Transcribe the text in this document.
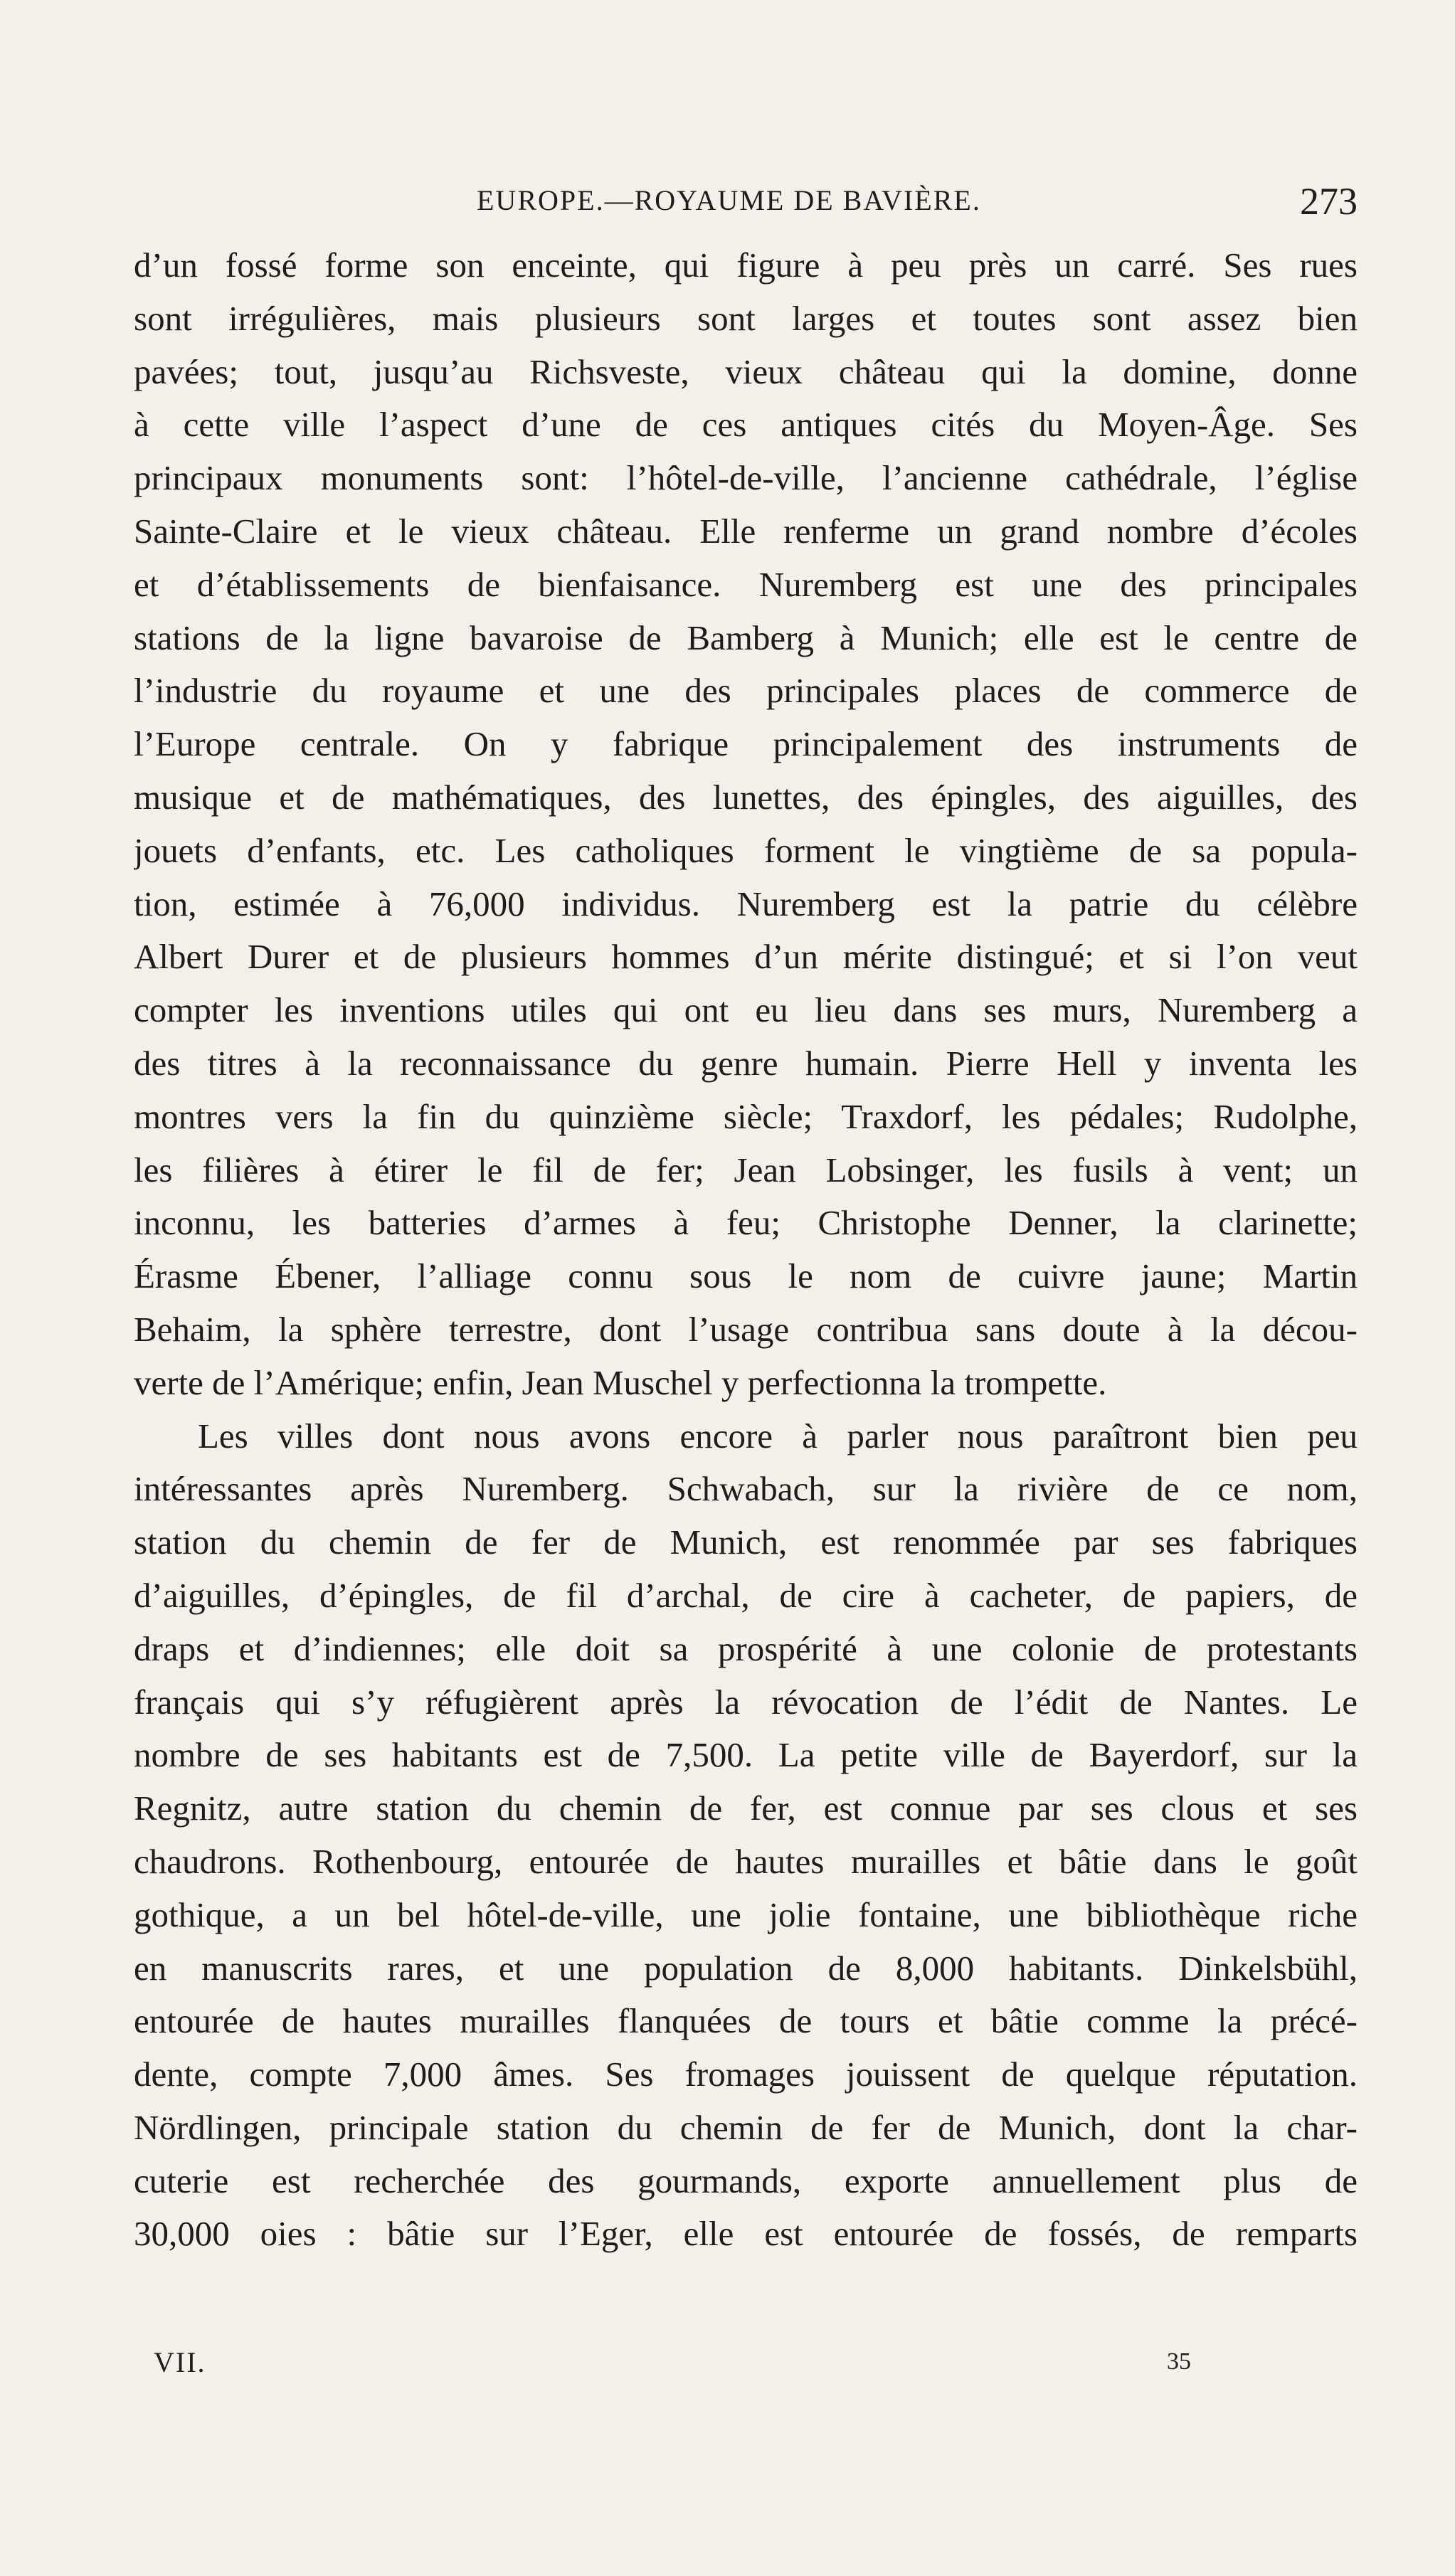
EUROPE.—ROYAUME DE BAVIÈRE.	273
d’un fossé forme son enceinte, qui figure à peu près un carré. Ses rues
sont irrégulières, mais plusieurs sont larges et toutes sont assez bien
pavées; tout, jusqu’au Richsveste, vieux château qui la domine, donne
à cette ville l’aspect d’une de ces antiques cités du Moyen-Âge. Ses
principaux monuments sont: l’hôtel-de-ville, l’ancienne cathédrale, l’église
Sainte-Claire et le vieux château. Elle renferme un grand nombre d’écoles
et d’établissements de bienfaisance. Nuremberg est une des principales
stations de la ligne bavaroise de Bamberg à Munich; elle est le centre de
l’industrie du royaume et une des principales places de commerce de
l’Europe centrale. On y fabrique principalement des instruments de
musique et de mathématiques, des lunettes, des épingles, des aiguilles, des
jouets d’enfants, etc. Les catholiques forment le vingtième de sa popula-
tion, estimée à 76,000 individus. Nuremberg est la patrie du célèbre
Albert Durer et de plusieurs hommes d’un mérite distingué; et si l’on veut
compter les inventions utiles qui ont eu lieu dans ses murs, Nuremberg a
des titres à la reconnaissance du genre humain. Pierre Hell y inventa les
montres vers la fin du quinzième siècle; Traxdorf, les pédales; Rudolphe,
les filières à étirer le fil de fer; Jean Lobsinger, les fusils à vent; un
inconnu, les batteries d’armes à feu; Christophe Denner, la clarinette;
Érasme Ébener, l’alliage connu sous le nom de cuivre jaune; Martin
Behaim, la sphère terrestre, dont l’usage contribua sans doute à la décou-
verte de l’Amérique; enfin, Jean Muschel y perfectionna la trompette.
Les villes dont nous avons encore à parler nous paraîtront bien peu
intéressantes après Nuremberg. Schwabach, sur la rivière de ce nom,
station du chemin de fer de Munich, est renommée par ses fabriques
d’aiguilles, d’épingles, de fil d’archal, de cire à cacheter, de papiers, de
draps et d’indiennes; elle doit sa prospérité à une colonie de protestants
français qui s’y réfugièrent après la révocation de l’édit de Nantes. Le
nombre de ses habitants est de 7,500. La petite ville de Bayerdorf, sur la
Regnitz, autre station du chemin de fer, est connue par ses clous et ses
chaudrons. Rothenbourg, entourée de hautes murailles et bâtie dans le goût
gothique, a un bel hôtel-de-ville, une jolie fontaine, une bibliothèque riche
en manuscrits rares, et une population de 8,000 habitants. Dinkelsbühl,
entourée de hautes murailles flanquées de tours et bâtie comme la précé-
dente, compte 7,000 âmes. Ses fromages jouissent de quelque réputation.
Nördlingen, principale station du chemin de fer de Munich, dont la char-
cuterie est recherchée des gourmands, exporte annuellement plus de
30,000 oies : bâtie sur l’Eger, elle est entourée de fossés, de remparts
VII.	35
